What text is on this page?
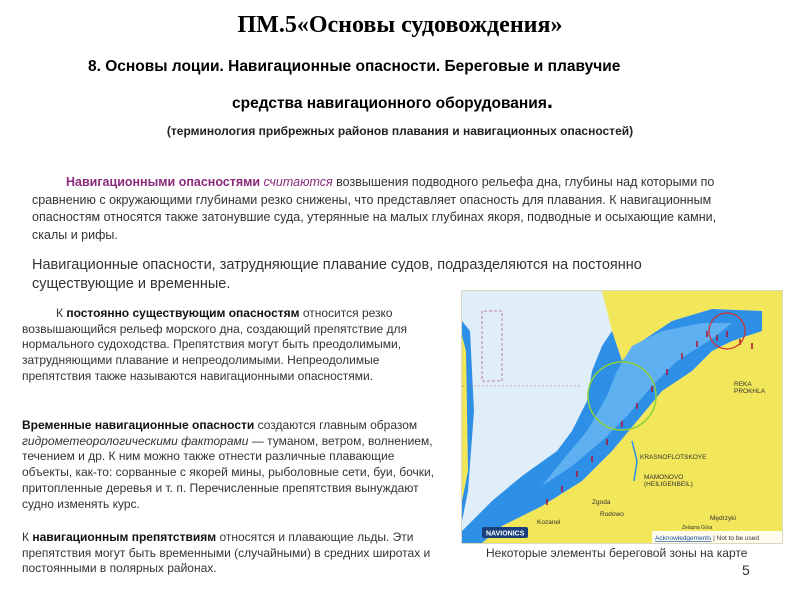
ПМ.5«Основы судовождения»
8. Основы лоции. Навигационные опасности. Береговые и плавучие
средства навигационного оборудования.
(терминология прибрежных районов плавания и навигационных опасностей)
Навигационными опасностями считаются возвышения подводного рельефа дна, глубины над которыми по сравнению с окружающими глубинами резко снижены, что представляет опасность для плавания. К навигационным опасностям относятся также затонувшие суда, утерянные на малых глубинах якоря, подводные и осыхающие камни, скалы и рифы.
Навигационные опасности, затрудняющие плавание судов, подразделяются на постоянно существующие и временные.
К постоянно существующим опасностям относится резко возвышающийся рельеф морского дна, создающий препятствие для нормального судоходства. Препятствия могут быть преодолимыми, затрудняющими плавание и непреодолимыми. Непреодолимые препятствия также называются навигационными опасностями.
Временные навигационные опасности создаются главным образом гидрометеорологическими факторами — туманом, ветром, волнением, течением и др. К ним можно также отнести различные плавающие объекты, как-то: сорванные с якорей мины, рыболовные сети, буи, бочки, притопленные деревья и т. п. Перечисленные препятствия вынуждают судно изменять курс.
К навигационным препятствиям относятся и плавающие льды. Эти препятствия могут быть временными (случайными) в средних широтах и постоянными в полярных районах.
REKA
PROKHLA
KRASNOFLOTSKOYE
MAMONOVO
(HEILIGENBEIL)
Zgoda
Rodowo
Kozanel
Mędrzyki
Żelazna Góra
NAVIONICS
Acknowledgements | Not to be used
Некоторые элементы береговой зоны на карте
5
